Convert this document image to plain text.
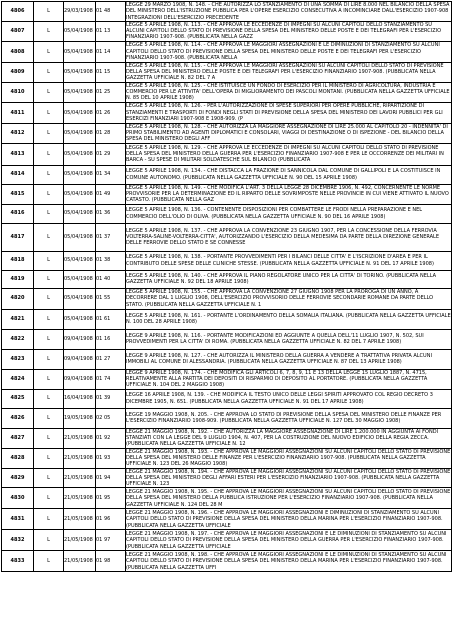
4806	L	29/03/1908	01 48	LEGGE 29 MARZO 1908, N. 148. - CHE AUTORIZZA LO STANZIAMENTO DI UNA SOMMA DI LIRE 8.000 NEL BILANCIO DELLA SPESA DEL MINISTERO DELL'ISTRUZIONE PUBBLICA PER L'OPERE ESERCIZIO CONSECUTIVA A INCOMINCIARE DALL'ESERCIZIO 1907-908 INTEGRAZIONI DELL'ESERCIZIO PRECEDENTE
4807	L	05/04/1908	01 13	LEGGE 5 APRILE 1908, N. 113. - CHE APPROVA LE ECCEDENZE DI IMPEGNI SU ALCUNI CAPITOLI DELLO STANZIAMENTO SU ALCUNI CAPITOLI DELLO STATO DI PREVISIONE DELLA SPESA DEL MINISTERO DELLE POSTE E DEI TELEGRAFI PER L'ESERCIZIO FINANZIARIO 1907-908. (PUBBLICATA NELLA GAZZ
4808	L	05/04/1908	01 14	LEGGE 5 APRILE 1908, N. 114. - CHE APPROVA LE MAGGIORI ASSEGNAZIONI E LE DIMINUZIONI DI STANZIAMENTO SU ALCUNI CAPITOLI DELLO STATO DI PREVISIONE DELLA SPESA DEL MINISTERO DELLE POSTE E DEI TELEGRAFI PER L'ESERCIZIO FINANZIARIO 1907-908. (PUBBLICATA NELLA
4809	L	05/04/1908	01 15	LEGGE 5 APRILE 1908, N. 115. - CHE APPROVA LE MAGGIORI ASSEGNAZIONI SU ALCUNI CAPITOLI DELLO STATO DI PREVISIONE DELLA SPESA DEL MINISTERO DELLE POSTE E DEI TELEGRAFI PER L'ESERCIZIO FINANZIARIO 1907-908. (PUBBLICATA NELLA GAZZETTA UFFICIALE N. 82 DEL 7 A
4810	L	05/04/1908	01 25	LEGGE 5 APRILE 1908, N. 125. - CHE ISTITUISCE UN FONDO DI ESERCIZIO PER IL MINISTERO DI AGRICOLTURA, INDUSTRIA E COMMERCIO PER LE ATTIVITA' DELL'OPERA DI MIGLIORAMENTO DEI PASCOLI MONTANI. (PUBBLICATA NELLA GAZZETTA UFFICIALE N. 85 DEL 10 APRILE 1908)
4811	L	05/04/1908	01 26	LEGGE 5 APRILE 1908, N. 126. - PER L'AUTORIZZAZIONE DI SPESE SUPERIORI PER OPERE PUBBLICHE, RIPARTIZIONE DI STANZIAMENTI E TRASPORTI DI FONDI NEGLI STATI DI PREVISIONE DELLA SPESA DEL MINISTERO DEI LAVORI PUBBLICI PER GLI ESERCIZI FINANZIARI 1907-908 E 1908-909. (P
4812	L	05/04/1908	01 28	LEGGE 5 APRILE 1908, N. 128. - CHE AUTORIZZA LA MAGGIORE ASSEGNAZIONE DI LIRE 25.000 AL CAPITOLO 20 - INDENNITA' DI PRIMO STABILIMENTO AD AGENTI DIPLOMATICI E CONSOLARI, VIAGGI DI DESTINAZIONE O DI ISPEZIONE - DEL BILANCIO DELLA SPESA DEL MINISTERO DEGLI AFF
4813	L	05/04/1908	01 29	LEGGE 5 APRILE 1908, N. 129. - CHE APPROVA LE ECCEDENZE DI IMPEGNI SU ALCUNI CAPITOLI DELLO STATO DI PREVISIONE DELLA SPESA DEL MINISTERO DELLA GUERRA PER L'ESERCIZIO FINANZIARIO 1907-908 E PER LE OCCORRENZE DEI MILITARI IN BARCA - SU SPESE DI MILITARI SOLDATESCHE SUL BILANCIO (PUBBLICATA
4814	L	05/04/1908	01 34	LEGGE 5 APRILE 1908, N. 134. - CHE DISTACCA LA FRAZIONE DI SANNICOLA DAL COMUNE DI GALLIPOLI E LA COSTITUISCE IN COMUNE AUTONOMO. (PUBBLICATA NELLA GAZZETTA UFFICIALE N. 90 DEL 15 APRILE 1908)
4815	L	05/04/1908	01 49	LEGGE 5 APRILE 1908, N. 149. - CHE MODIFICA L'ART. 3 DELLA LEGGE 28 DICEMBRE 1906, N. 492, CONCERNENTE LE NORME PROVVISORIE PER LA DETERMINAZIONE ED IL RIPARTO DELLE SOVRIMPOSTE NELLE PROVINCIE IN CUI VIENE ATTIVATO IL NUOVO CATASTO. (PUBBLICATA NELLA GAZ
4816	L	05/04/1908	01 36	LEGGE 5 APRILE 1908, N. 136. - CONTENENTE DISPOSIZIONI PER COMBATTERE LE FRODI NELLA PREPARAZIONE E NEL COMMERCIO DELL'OLIO DI OLIVA. (PUBBLICATA NELLA GAZZETTA UFFICIALE N. 90 DEL 16 APRILE 1908)
4817	L	05/04/1908	01 37	LEGGE 5 APRILE 1908, N. 137. - CHE APPROVA LA CONVENZIONE 23 GIUGNO 1907, PER LA CONCESSIONE DELLA FERROVIA VOLTERRA-SALINE-VOLTERRA-CITTA', AUTORIZZANDO L'ESERCIZIO DELLA MEDESIMA DA PARTE DELLA DIREZIONE GENERALE DELLE FERROVIE DELLO STATO E SE CONNESSE
4818	L	05/04/1908	01 38	LEGGE 5 APRILE 1908, N. 138. - PORTANTE PROVVEDIMENTI PER I BILANCI DELLE CITTA' E L'ISCRIZIONE D'AREA E PER IL CONTRIBUTO DELLE SPESE DELLE CLINICHE STESSE. (PUBBLICATA NELLA GAZZETTA UFFICIALE N. 91 DEL 17 APRILE 1908)
4819	L	05/04/1908	01 40	LEGGE 5 APRILE 1908, N. 140. - CHE APPROVA IL PIANO REGOLATORE UNICO PER LA CITTA' DI TORINO. (PUBBLICATA NELLA GAZZETTA UFFICIALE N. 92 DEL 18 APRILE 1908)
4820	L	05/04/1908	01 55	LEGGE 5 APRILE 1908, N. 155. - CHE APPROVA LA CONVENZIONE 27 GIUGNO 1908 PER LA PROROGA DI UN ANNO, A DECORRERE DAL 1 LUGLIO 1908, DELL'ESERCIZIO PROVVISORIO DELLE FERROVIE SECONDARIE ROMANE DA PARTE DELLO STATO. (PUBBLICATA NELLA GAZZETTA UFFICIALE N. 1
4821	L	05/04/1908	01 61	LEGGE 5 APRILE 1908, N. 161. - PORTANTE L'ORDINAMENTO DELLA SOMALIA ITALIANA. (PUBBLICATA NELLA GAZZETTA UFFICIALE N. 100 DEL 28 APRILE 1908)
4822	L	09/04/1908	01 16	LEGGE 9 APRILE 1908, N. 116. - PORTANTE MODIFICAZIONI ED AGGIUNTE A QUELLA DELL'11 LUGLIO 1907, N. 502, SUI PROVVEDIMENTI PER LA CITTA' DI ROMA. (PUBBLICATA NELLA GAZZETTA UFFICIALE N. 82 DEL 7 APRILE 1908)
4823	L	09/04/1908	01 27	LEGGE 9 APRILE 1908, N. 127. - CHE AUTORIZZA IL MINISTERO DELLA GUERRA A VENDERE A TRATTATIVA PRIVATA ALCUNI IMMOBILI AL COMUNE DI ALESSANDRIA. (PUBBLICATA NELLA GAZZETTA UFFICIALE N. 87 DEL 13 APRILE 1908)
4824	L	09/04/1908	01 74	LEGGE 9 APRILE 1908, N. 174. - CHE MODIFICA GLI ARTICOLI 6, 7, 8, 9, 11 E 13 DELLA LEGGE 15 LUGLIO 1887, N. 4715, RELATIVAMENTE ALLA PARTITA DEI DEPOSITI DI RISPARMIO DI DEPOSITO AL PORTATORE. (PUBBLICATA NELLA GAZZETTA UFFICIALE N. 104 DEL 2 MAGGIO 1908)
4825	L	16/04/1908	01 39	LEGGE 16 APRILE 1908, N. 139. - CHE MODIFICA IL TESTO UNICO DELLE LEGGI SPIRITI APPROVATO COL REGIO DECRETO 3 DICEMBRE 1905, N. 651. (PUBBLICATA NELLA GAZZETTA UFFICIALE N. 91 DEL 17 APRILE 1908)
4826	L	19/05/1908	02 05	LEGGE 19 MAGGIO 1908, N. 205. - CHE APPROVA LO STATO DI PREVISIONE DELLA SPESA DEL MINISTERO DELLE FINANZE PER L'ESERCIZIO FINANZIARIO 1908-909. (PUBBLICATA NELLA GAZZETTA UFFICIALE N. 127 DEL 30 MAGGIO 1908)
4827	L	21/05/1908	01 92	LEGGE 21 MAGGIO 1908, N. 192. - CHE AUTORIZZA LA MAGGIORE ASSEGNAZIONE DI LIRE 1.200.000 IN AGGIUNTA AI FONDI STANZIATI CON LA LEGGE DEL 9 LUGLIO 1904, N. 407, PER LA COSTRUZIONE DEL NUOVO EDIFICIO DELLA REGIA ZECCA. (PUBBLICATA NELLA GAZZETTA UFFICIALE N. 12
4828	L	21/05/1908	01 93	LEGGE 21 MAGGIO 1908, N. 193. - CHE APPROVA LE MAGGIORI ASSEGNAZIONI SU ALCUNI CAPITOLI DELLO STATO DI PREVISIONE DELLA SPESA DEL MINISTERO DELLE FINANZE PER L'ESERCIZIO FINANZIARIO 1907-908. (PUBBLICATA NELLA GAZZETTA UFFICIALE N. 123 DEL 26 MAGGIO 1908)
4829	L	21/05/1908	01 94	LEGGE 21 MAGGIO 1908, N. 194. - CHE APPROVA LE MAGGIORI ASSEGNAZIONI SU ALCUNI CAPITOLI DELLO STATO DI PREVISIONE DELLA SPESA DEL MINISTERO DEGLI AFFARI ESTERI PER L'ESERCIZIO FINANZIARIO 1907-908. (PUBBLICATA NELLA GAZZETTA UFFICIALE N. 123
4830	L	21/05/1908	01 95	LEGGE 21 MAGGIO 1908, N. 195. - CHE APPROVA LE MAGGIORI ASSEGNAZIONI SU ALCUNI CAPITOLI DELLO STATO DI PREVISIONE DELLA SPESA DEL MINISTERO DELLA PUBBLICA ISTRUZIONE PER L'ESERCIZIO FINANZIARIO 1907-908. (PUBBLICATA NELLA GAZZETTA UFFICIALE N. 124 DEL 28 M
4831	L	21/05/1908	01 96	LEGGE 21 MAGGIO 1908, N. 196. - CHE APPROVA LE MAGGIORI ASSEGNAZIONI E DIMINUZIONI DI STANZIAMENTO SU ALCUNI CAPITOLI DELLO STATO DI PREVISIONE DELLA SPESA DEL MINISTERO DELLA MARINA PER L'ESERCIZIO FINANZIARIO 1907-908. (PUBBLICATA NELLA GAZZETTA UFFICIALE
4832	L	21/05/1908	01 97	LEGGE 21 MAGGIO 1908, N. 197. - CHE APPROVA LE MAGGIORI ASSEGNAZIONI E LE DIMINUZIONI DI STANZIAMENTO SU ALCUNI CAPITOLI DELLO STATO DI PREVISIONE DELLA SPESA DEL MINISTERO DELLA GUERRA PER L'ESERCIZIO FINANZIARIO 1907-908. (PUBBLICATA NELLA GAZZETTA UFFICIALE
4833	L	21/05/1908	01 98	LEGGE 21 MAGGIO 1908, N. 198. - CHE APPROVA LE MAGGIORI ASSEGNAZIONI E LE DIMINUZIONI DI STANZIAMENTO SU ALCUNI CAPITOLI DELLO STATO DI PREVISIONE DELLA SPESA DEL MINISTERO DELLA MARINA PER L'ESERCIZIO FINANZIARIO 1907-908. (PUBBLICATA NELLA GAZZETTA UFFI
